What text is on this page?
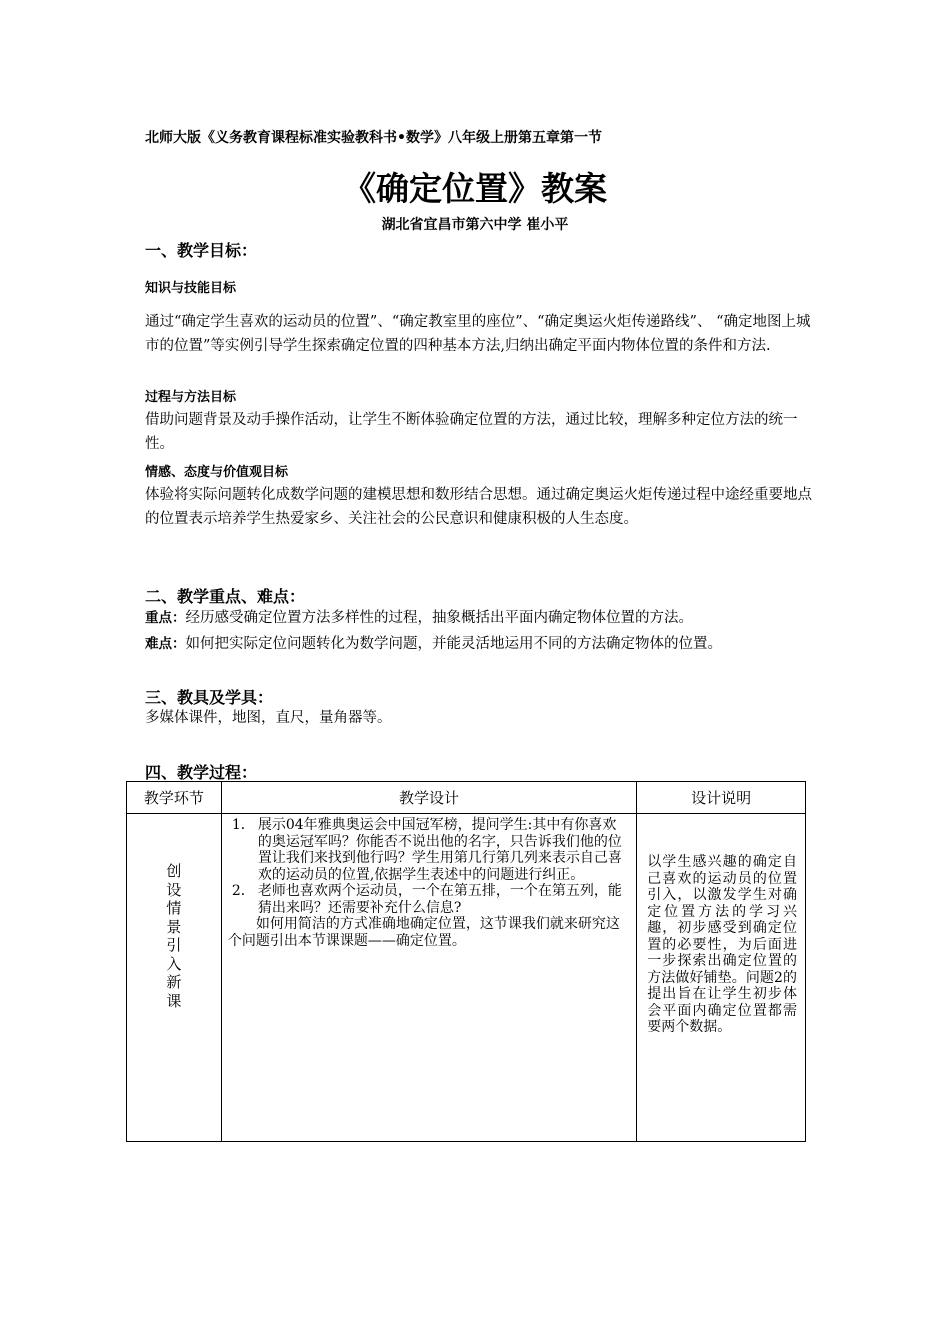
北师大版《义务教育课程标准实验教科书•数学》八年级上册第五章第一节
《确定位置》教案
湖北省宜昌市第六中学 崔小平
一、教学目标：
知识与技能目标
通过“确定学生喜欢的运动员的位置”、“确定教室里的座位”、“确定奥运火炬传递路线”、 “确定地图上城市的位置”等实例引导学生探索确定位置的四种基本方法,归纳出确定平面内物体位置的条件和方法.
过程与方法目标
借助问题背景及动手操作活动，让学生不断体验确定位置的方法，通过比较，理解多种定位方法的统一性。
情感、态度与价值观目标
体验将实际问题转化成数学问题的建模思想和数形结合思想。通过确定奥运火炬传递过程中途经重要地点的位置表示培养学生热爱家乡、关注社会的公民意识和健康积极的人生态度。
二、教学重点、难点：
重点：经历感受确定位置方法多样性的过程，抽象概括出平面内确定物体位置的方法。
难点：如何把实际定位问题转化为数学问题，并能灵活地运用不同的方法确定物体的位置。
三、教具及学具：
多媒体课件，地图，直尺，量角器等。
四、教学过程：
教学环节	教学设计	设计说明

创设情景引入新课	1． 展示04年雅典奥运会中国冠军榜，提问学生:其中有你喜欢的奥运冠军吗？你能否不说出他的名字，只告诉我们他的位置让我们来找到他行吗？学生用第几行第几列来表示自己喜欢的运动员的位置,依据学生表述中的问题进行纠正。
2． 老师也喜欢两个运动员，一个在第五排，一个在第五列，能猜出来吗？还需要补充什么信息?
如何用简洁的方式准确地确定位置，这节课我们就来研究这个问题引出本节课课题——确定位置。	以学生感兴趣的确定自己喜欢的运动员的位置引入，以激发学生对确定位置方法的学习兴趣，初步感受到确定位置的必要性，为后面进一步探索出确定位置的方法做好铺垫。问题2的提出旨在让学生初步体会平面内确定位置都需要两个数据。
